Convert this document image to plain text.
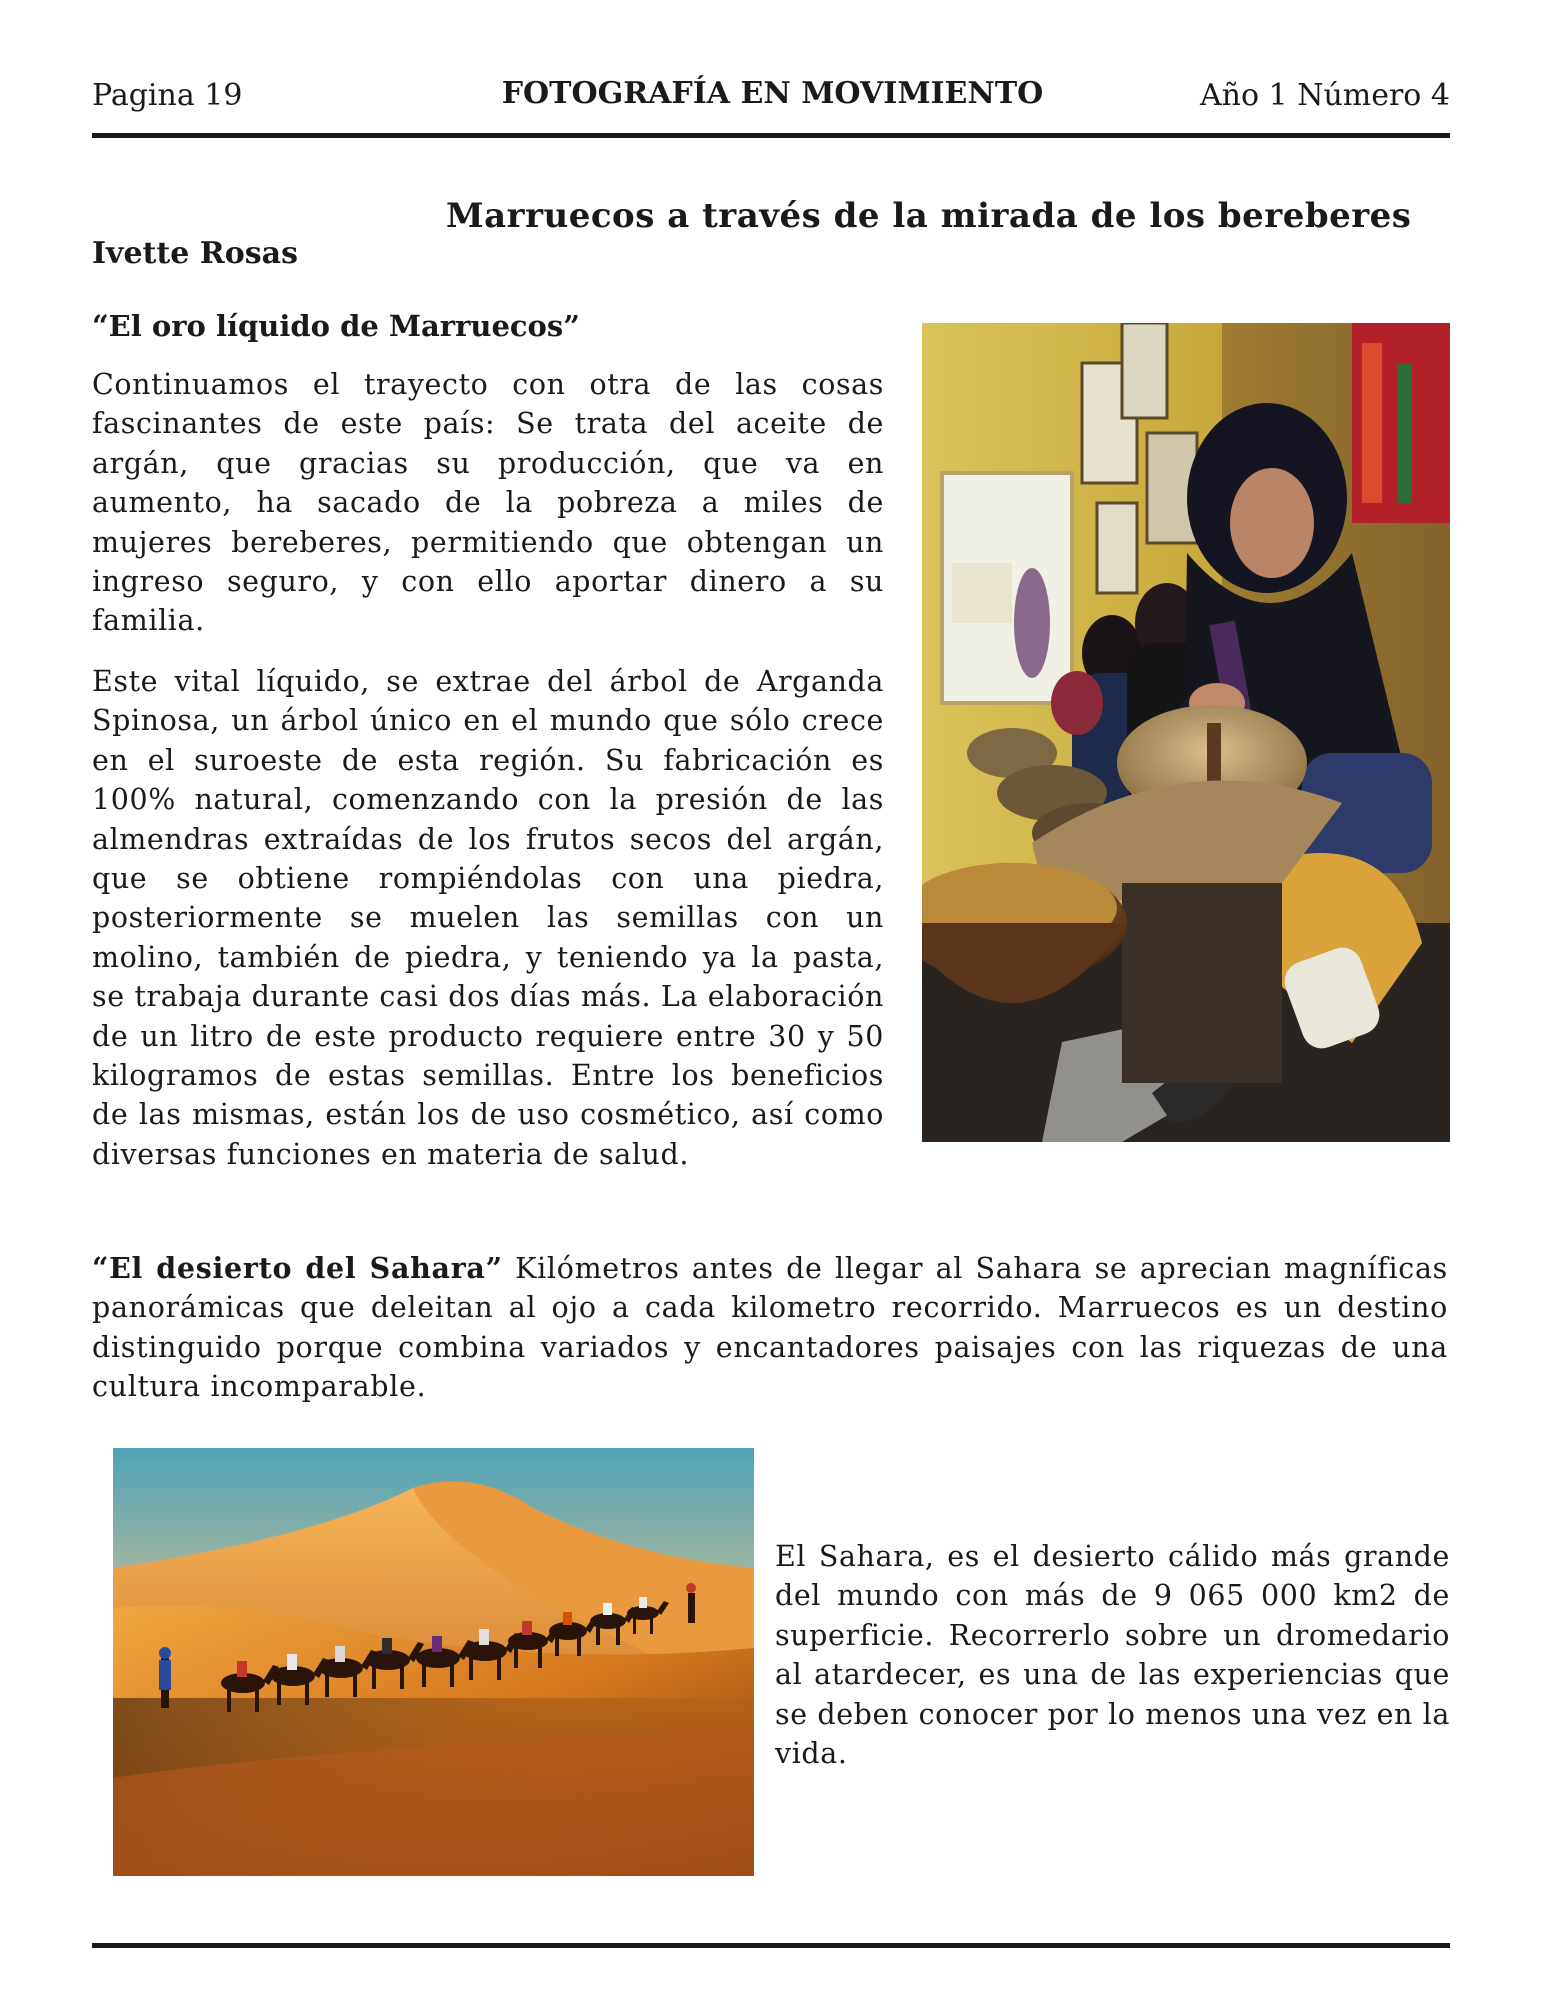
Pagina 19	FOTOGRAFÍA EN MOVIMIENTO	Año 1 Número 4
Marruecos a través de la mirada de los bereberes
Ivette Rosas
“El oro líquido de Marruecos”

Continuamos el trayecto con otra de las cosas fascinantes de este país: Se trata del aceite de argán, que gracias su producción, que va en aumento, ha sacado de la pobreza a miles de mujeres bereberes, permitiendo que obtengan un ingreso seguro, y con ello aportar dinero a su familia.

Este vital líquido, se extrae del árbol de Arganda Spinosa, un árbol único en el mundo que sólo crece en el suroeste de esta región. Su fabricación es 100% natural, comenzando con la presión de las almendras extraídas de los frutos secos del argán, que se obtiene rompiéndolas con una piedra, posteriormente se muelen las semillas con un molino, también de piedra, y teniendo ya la pasta, se trabaja durante casi dos días más. La elaboración de un litro de este producto requiere entre 30 y 50 kilogramos de estas semillas. Entre los beneficios de las mismas, están los de uso cosmético, así como diversas funciones en materia de salud.

“El desierto del Sahara” Kilómetros antes de llegar al Sahara se aprecian magníficas panorámicas que deleitan al ojo a cada kilometro recorrido. Marruecos es un destino distinguido porque combina variados y encantadores paisajes con las riquezas de una cultura incomparable.

El Sahara, es el desierto cálido más grande del mundo con más de 9 065 000 km2 de superficie. Recorrerlo sobre un dromedario al atardecer, es una de las experiencias que se deben conocer por lo menos una vez en la vida.
